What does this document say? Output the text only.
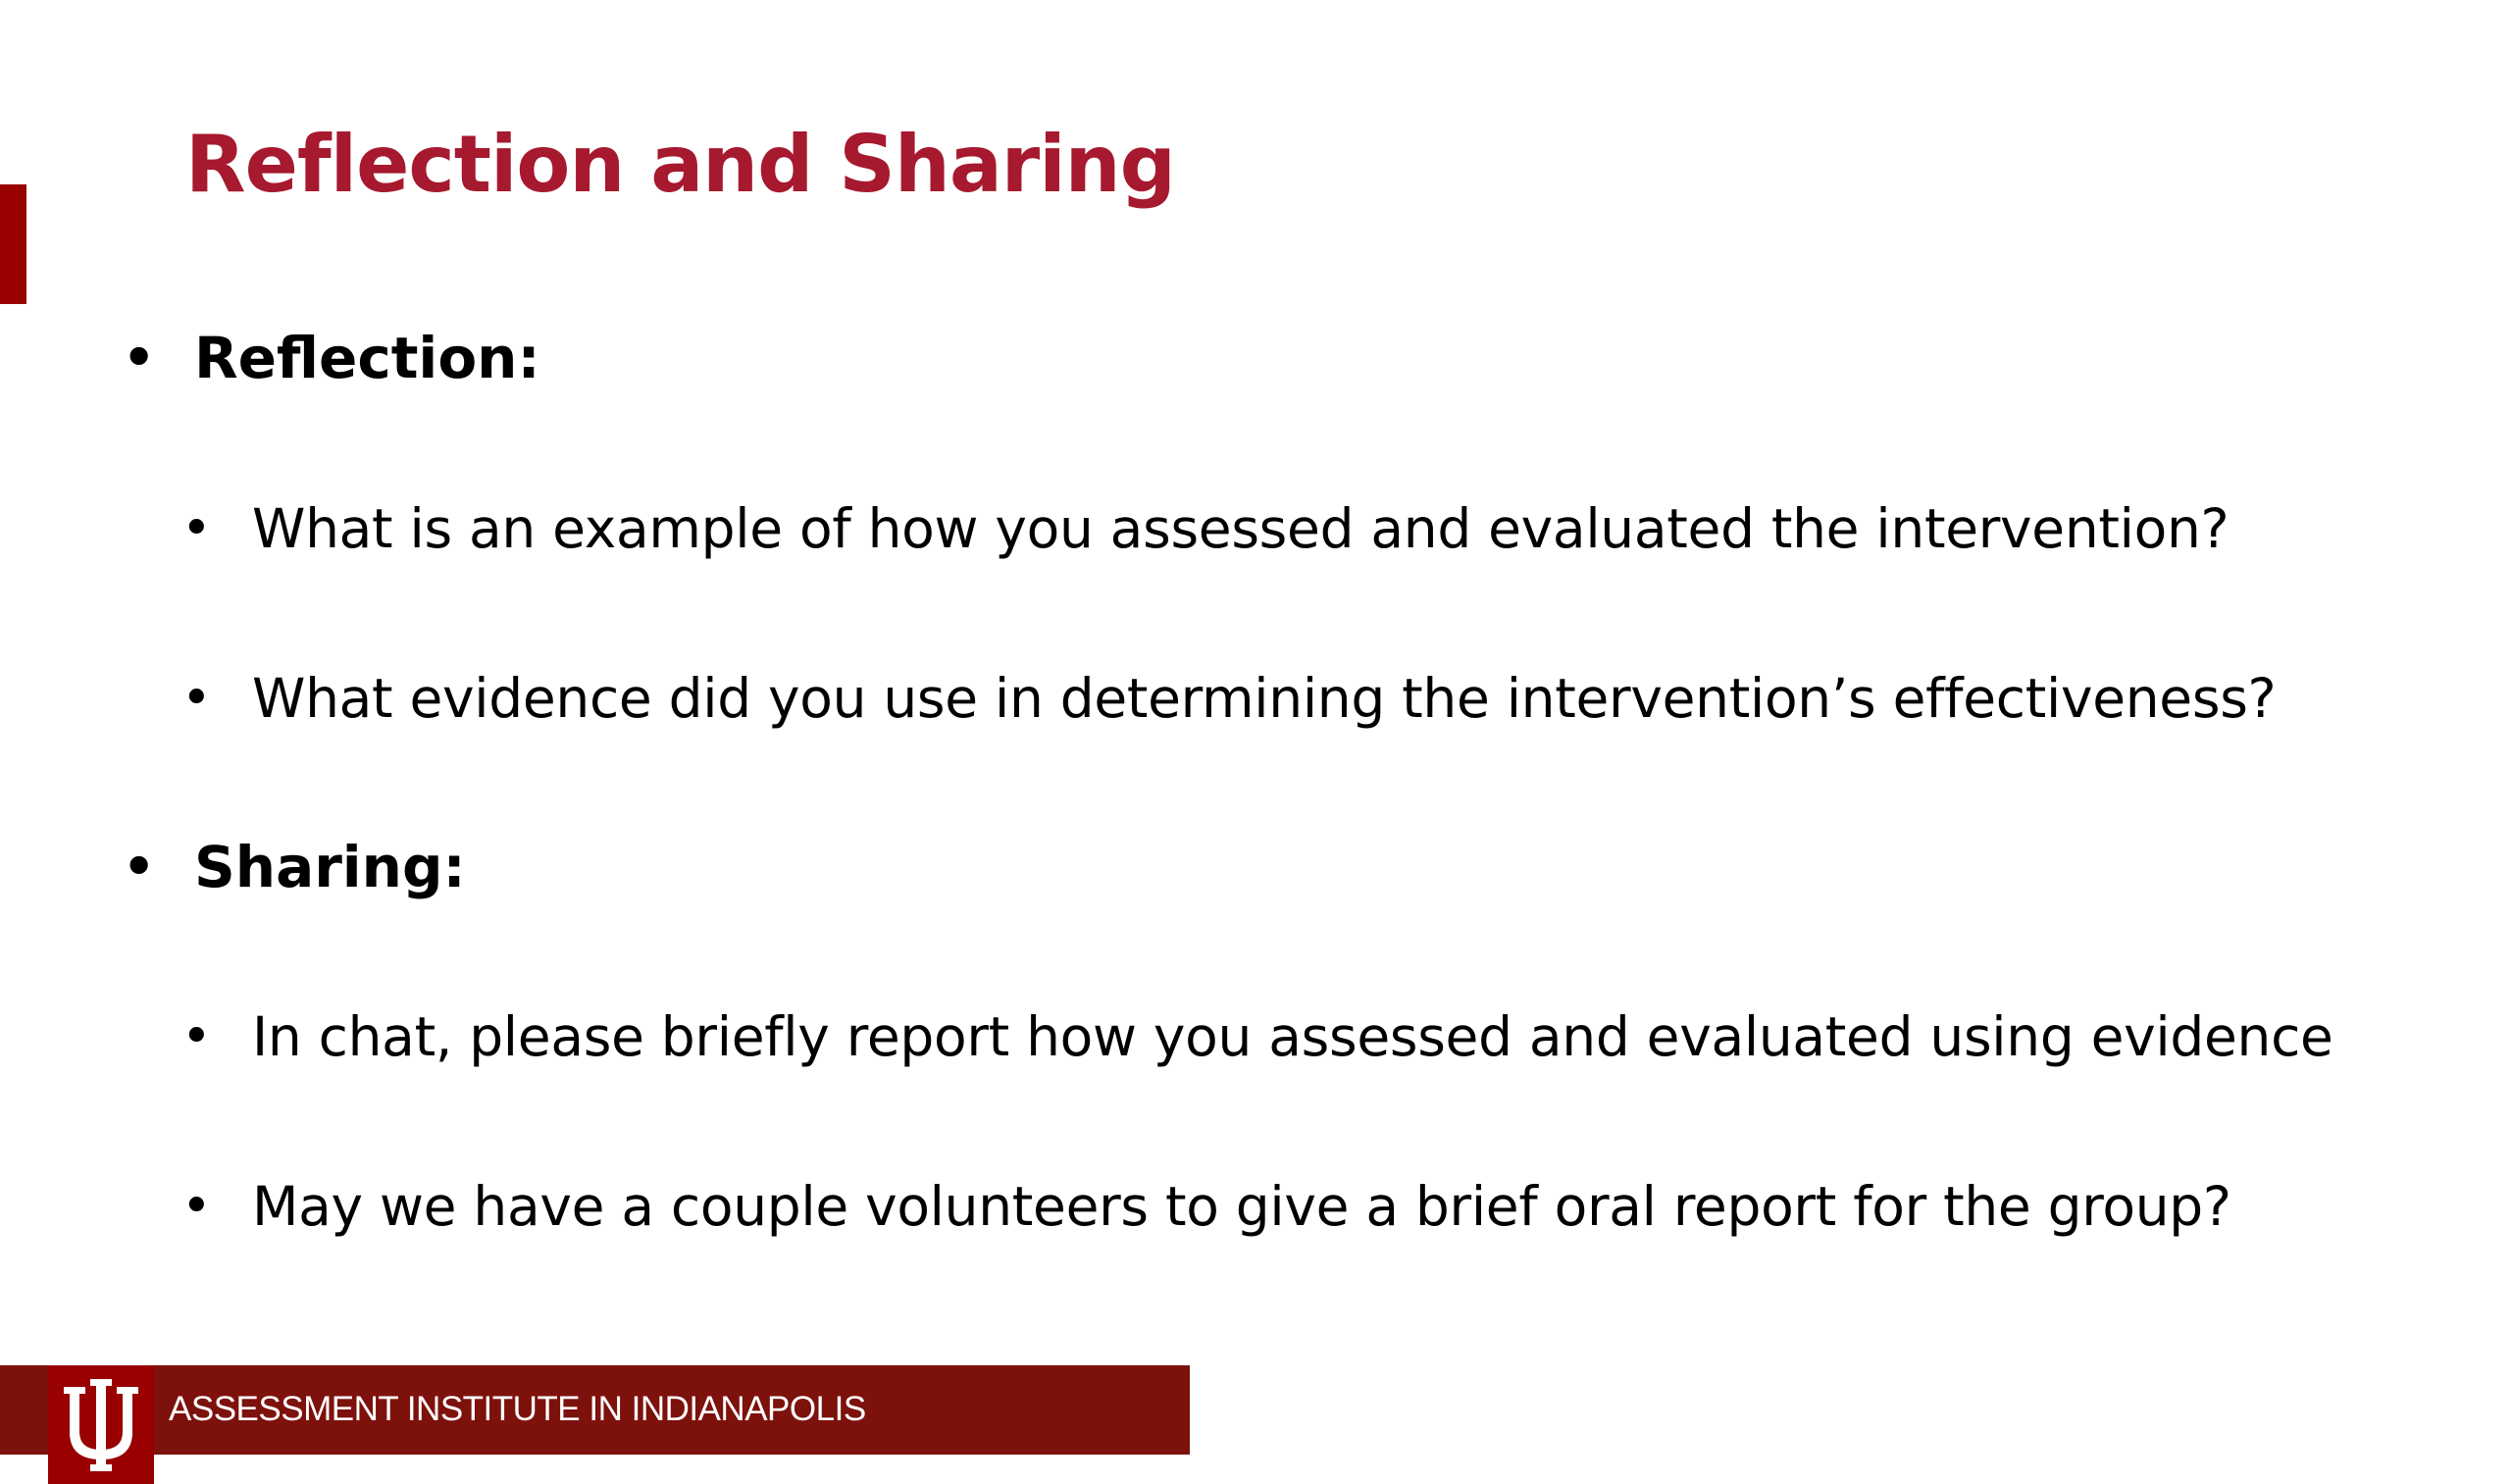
Reflection and Sharing
• Reflection:
• What is an example of how you assessed and evaluated the intervention?
• What evidence did you use in determining the intervention’s effectiveness?
• Sharing:
• In chat, please briefly report how you assessed and evaluated using evidence
• May we have a couple volunteers to give a brief oral report for the group?
ASSESSMENT INSTITUTE IN INDIANAPOLIS
